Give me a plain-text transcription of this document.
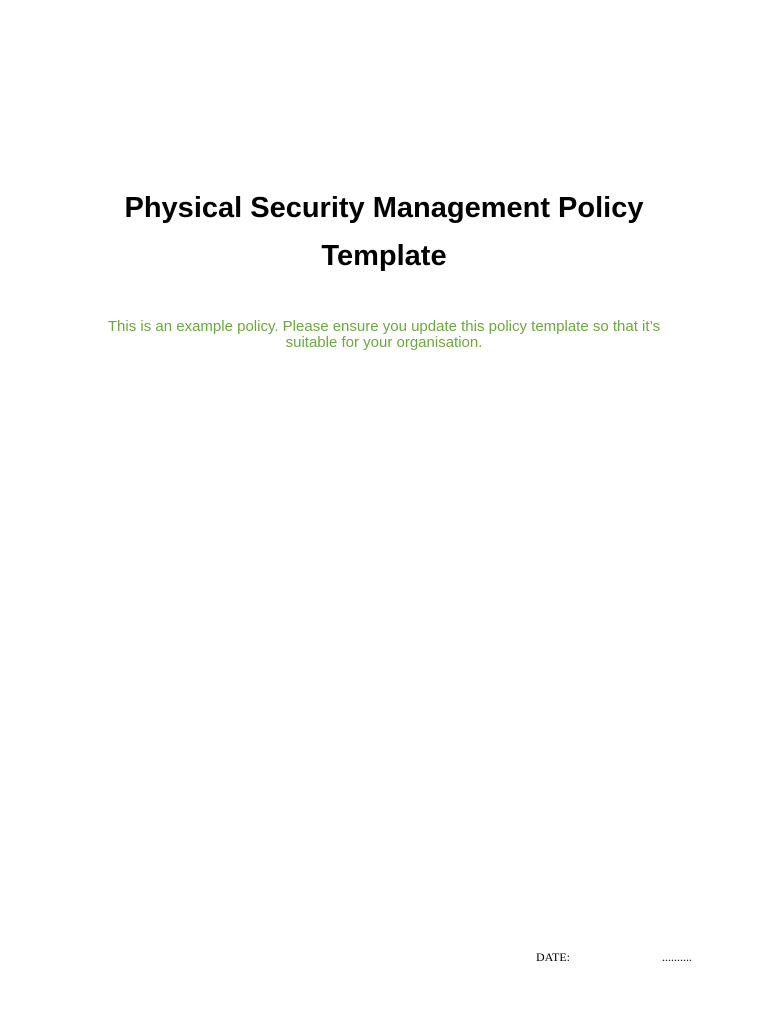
Physical Security Management Policy
Template

This is an example policy. Please ensure you update this policy template so that it’s
suitable for your organisation.

DATE:	..........
